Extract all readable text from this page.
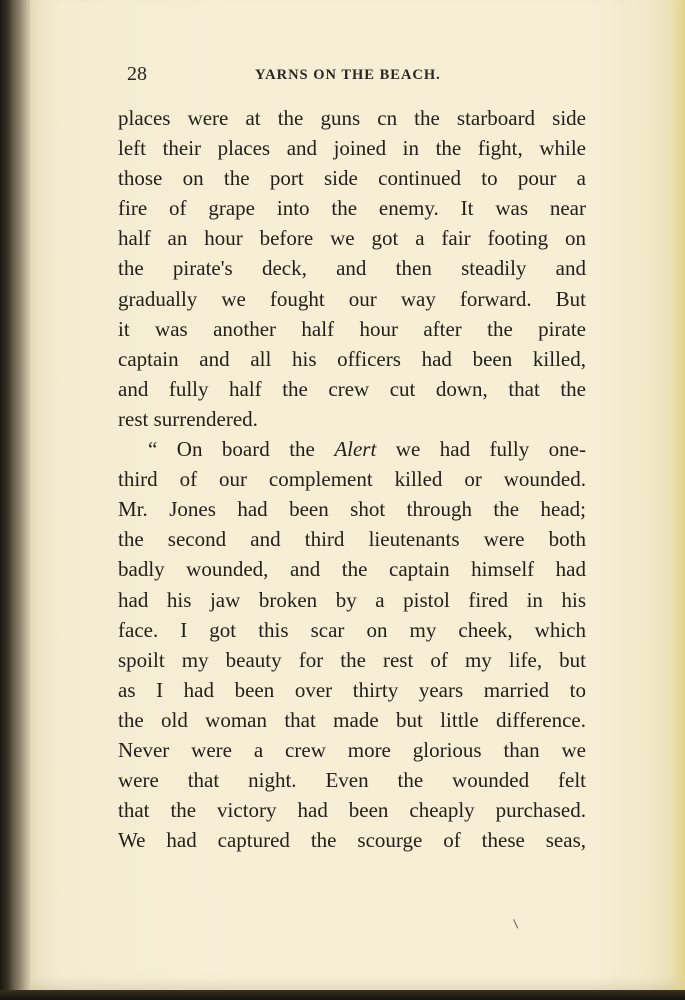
28	YARNS ON THE BEACH.
places were at the guns cn the starboard side
left their places and joined in the fight, while
those on the port side continued to pour a
fire of grape into the enemy. It was near
half an hour before we got a fair footing on
the pirate's deck, and then steadily and
gradually we fought our way forward. But
it was another half hour after the pirate
captain and all his officers had been killed,
and fully half the crew cut down, that the
rest surrendered.
“ On board the Alert we had fully one-
third of our complement killed or wounded.
Mr. Jones had been shot through the head;
the second and third lieutenants were both
badly wounded, and the captain himself had
had his jaw broken by a pistol fired in his
face. I got this scar on my cheek, which
spoilt my beauty for the rest of my life, but
as I had been over thirty years married to
the old woman that made but little difference.
Never were a crew more glorious than we
were that night. Even the wounded felt
that the victory had been cheaply purchased.
We had captured the scourge of these seas,
